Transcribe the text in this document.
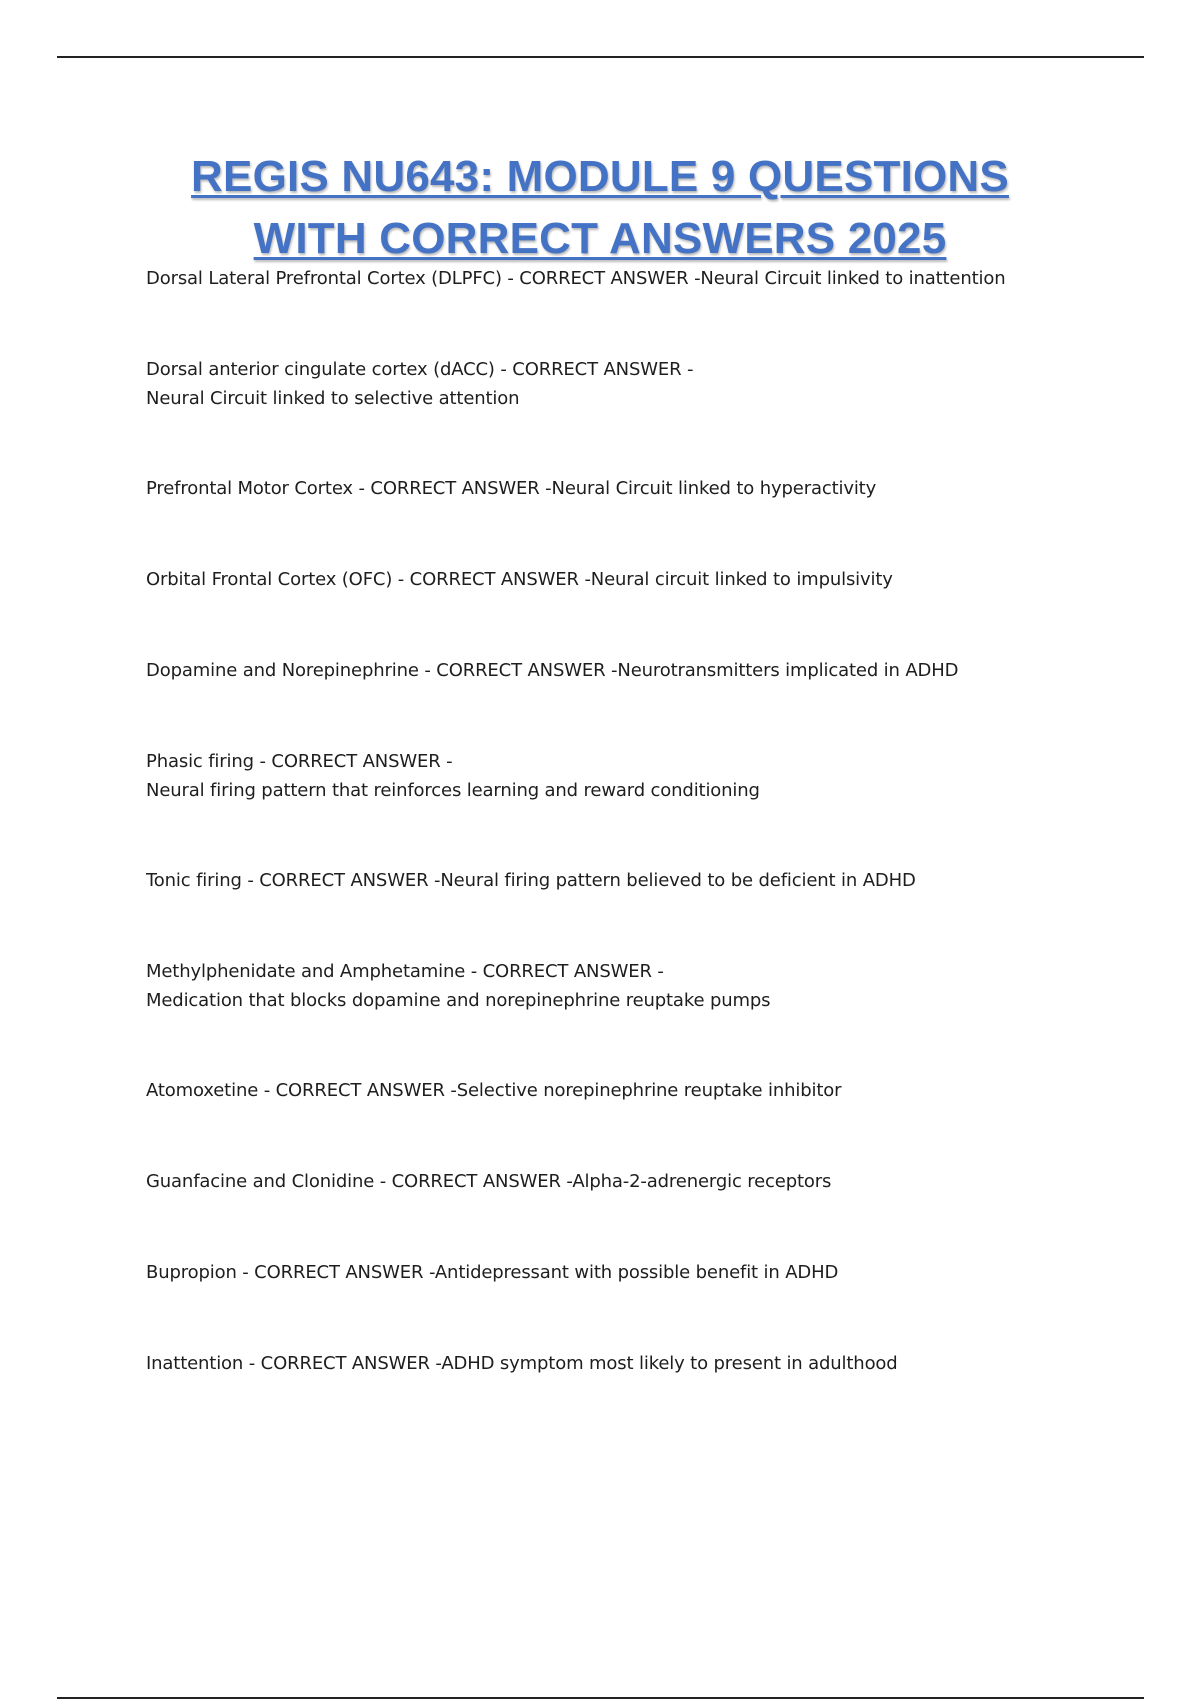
REGIS NU643: MODULE 9 QUESTIONS
WITH CORRECT ANSWERS 2025
Dorsal Lateral Prefrontal Cortex (DLPFC) - CORRECT ANSWER -Neural Circuit linked to inattention
Dorsal anterior cingulate cortex (dACC) - CORRECT ANSWER -
Neural Circuit linked to selective attention
Prefrontal Motor Cortex - CORRECT ANSWER -Neural Circuit linked to hyperactivity
Orbital Frontal Cortex (OFC) - CORRECT ANSWER -Neural circuit linked to impulsivity
Dopamine and Norepinephrine - CORRECT ANSWER -Neurotransmitters implicated in ADHD
Phasic firing - CORRECT ANSWER -
Neural firing pattern that reinforces learning and reward conditioning
Tonic firing - CORRECT ANSWER -Neural firing pattern believed to be deficient in ADHD
Methylphenidate and Amphetamine - CORRECT ANSWER -
Medication that blocks dopamine and norepinephrine reuptake pumps
Atomoxetine - CORRECT ANSWER -Selective norepinephrine reuptake inhibitor
Guanfacine and Clonidine - CORRECT ANSWER -Alpha-2-adrenergic receptors
Bupropion - CORRECT ANSWER -Antidepressant with possible benefit in ADHD
Inattention - CORRECT ANSWER -ADHD symptom most likely to present in adulthood
